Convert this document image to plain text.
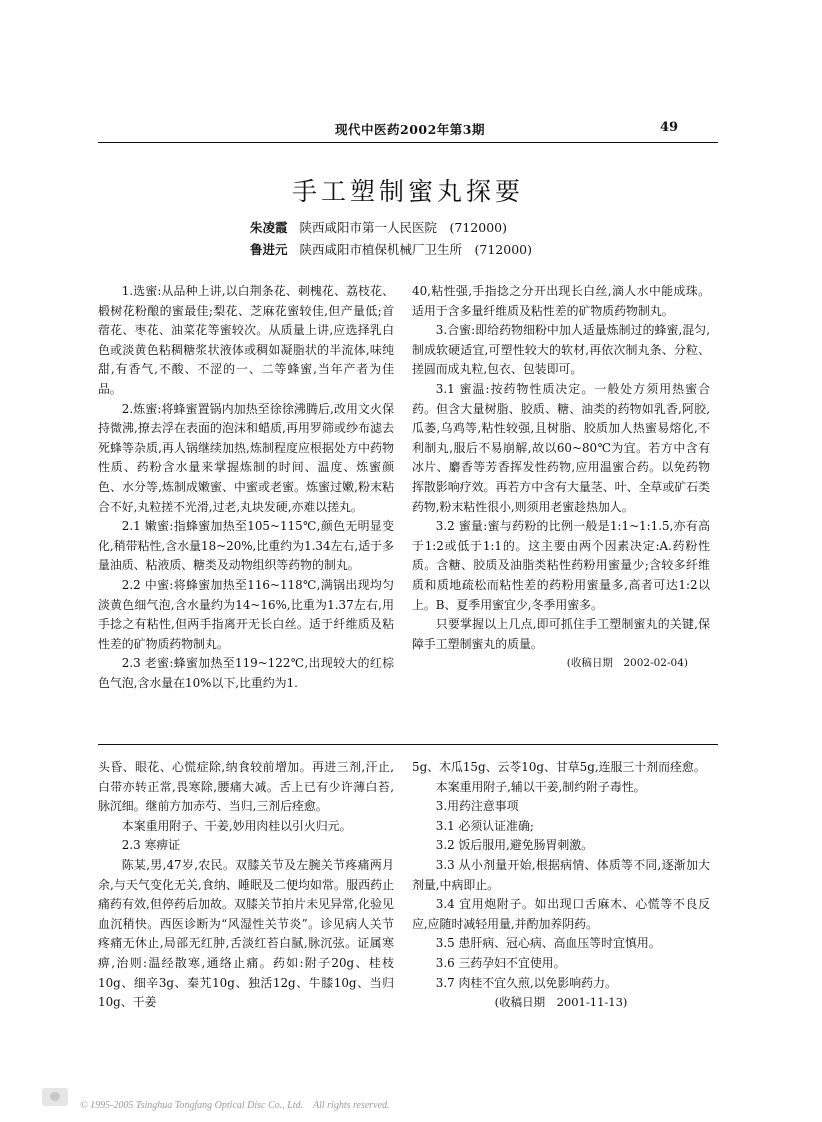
现代中医药2002年第3期	49
手工塑制蜜丸探要
朱凌霞 陕西咸阳市第一人民医院　(712000)
鲁进元 陕西咸阳市植保机械厂卫生所　(712000)

1.选蜜:从品种上讲,以白荆条花、刺槐花、荔枝花、椴树花粉酿的蜜最佳;梨花、芝麻花蜜较佳,但产量低;首蓿花、枣花、油菜花等蜜较次。从质量上讲,应选择乳白色或淡黄色粘稠糖浆状液体或稠如凝脂状的半流体,味纯甜,有香气,不酸、不涩的一、二等蜂蜜,当年产者为佳品。

2.炼蜜:将蜂蜜置锅内加热至徐徐沸腾后,改用文火保持微沸,撩去浮在表面的泡沫和蜡质,再用罗筛或纱布滤去死蜂等杂质,再人锅继续加热,炼制程度应根据处方中药物性质、药粉含水量来掌握炼制的时间、温度、炼蜜颜色、水分等,炼制成嫩蜜、中蜜或老蜜。炼蜜过嫩,粉末粘合不好,丸粒搓不光滑,过老,丸块发硬,亦难以搓丸。

2.1 嫩蜜:指蜂蜜加热至105~115℃,颜色无明显变化,稍带粘性,含水量18~20%,比重约为1.34左右,适于多量油质、粘液质、糖类及动物组织等药物的制丸。

2.2 中蜜:将蜂蜜加热至116~118℃,满锅出现均匀淡黄色细气泡,含水量约为14~16%,比重为1.37左右,用手捻之有粘性,但两手指离开无长白丝。适于纤维质及粘性差的矿物质药物制丸。

2.3 老蜜:蜂蜜加热至119~122℃,出现较大的红棕色气泡,含水量在10%以下,比重约为1.

40,粘性强,手指捻之分开出现长白丝,滴人水中能成珠。适用于含多量纤维质及粘性差的矿物质药物制丸。

3.合蜜:即给药物细粉中加人适量炼制过的蜂蜜,混匀,制成软硬适宜,可塑性较大的软材,再依次制丸条、分粒、搓圆而成丸粒,包衣、包装即可。

3.1 蜜温:按药物性质决定。一般处方须用热蜜合药。但含大量树脂、胶质、糖、油类的药物如乳香,阿胶,瓜萎,乌鸡等,粘性较强,且树脂、胶质加人热蜜易熔化,不利制丸,服后不易崩解,故以60~80℃为宜。若方中含有冰片、麝香等芳香挥发性药物,应用温蜜合药。以免药物挥散影响疗效。再若方中含有大量茎、叶、全草或矿石类药物,粉末粘性很小,则须用老蜜趁热加人。

3.2 蜜量:蜜与药粉的比例一般是1:1~1:1.5,亦有高于1:2或低于1:1的。这主要由两个因素决定:A.药粉性质。含糖、胶质及油脂类粘性药粉用蜜量少;含较多纤维质和质地疏松而粘性差的药粉用蜜量多,高者可达1:2以上。B、夏季用蜜宜少,冬季用蜜多。

只要掌握以上几点,即可抓住手工塑制蜜丸的关键,保障手工塑制蜜丸的质量。

(收稿日期　2002-02-04)

头昏、眼花、心慌症除,纳食较前增加。再进三剂,汗止,白带亦转正常,畏寒除,腰痛大减。舌上已有少许薄白苔,脉沉细。继前方加赤芍、当归,三剂后痊愈。

本案重用附子、干姜,妙用肉桂以引火归元。

2.3 寒痹证

陈某,男,47岁,农民。双膝关节及左腕关节疼痛两月余,与天气变化无关,食纳、睡眠及二便均如常。服西药止痛药有效,但停药后加故。双膝关节拍片未见异常,化验见血沉稍快。西医诊断为“风湿性关节炎”。诊见病人关节疼痛无休止,局部无红肿,舌淡红苔白腻,脉沉弦。证属寒痹,治则:温经散寒,通络止痛。药如:附子20g、桂枝10g、细辛3g、秦艽10g、独活12g、牛膝10g、当归10g、干姜

5g、木瓜15g、云苓10g、甘草5g,连服三十剂而痊愈。

本案重用附子,辅以干姜,制约附子毒性。

3.用药注意事项

3.1 必须认证准确;

3.2 饭后服用,避免肠胃刺激。

3.3 从小剂量开始,根据病情、体质等不同,逐渐加大剂量,中病即止。

3.4 宜用炮附子。如出现口舌麻木、心慌等不良反应,应随时减轻用量,并酌加养阴药。

3.5 患肝病、冠心病、高血压等时宜慎用。

3.6 三药孕妇不宜使用。

3.7 肉桂不宜久煎,以免影响药力。

(收稿日期　2001-11-13)

© 1995-2005 Tsinghua Tongfang Optical Disc Co., Ltd.　All rights reserved.
